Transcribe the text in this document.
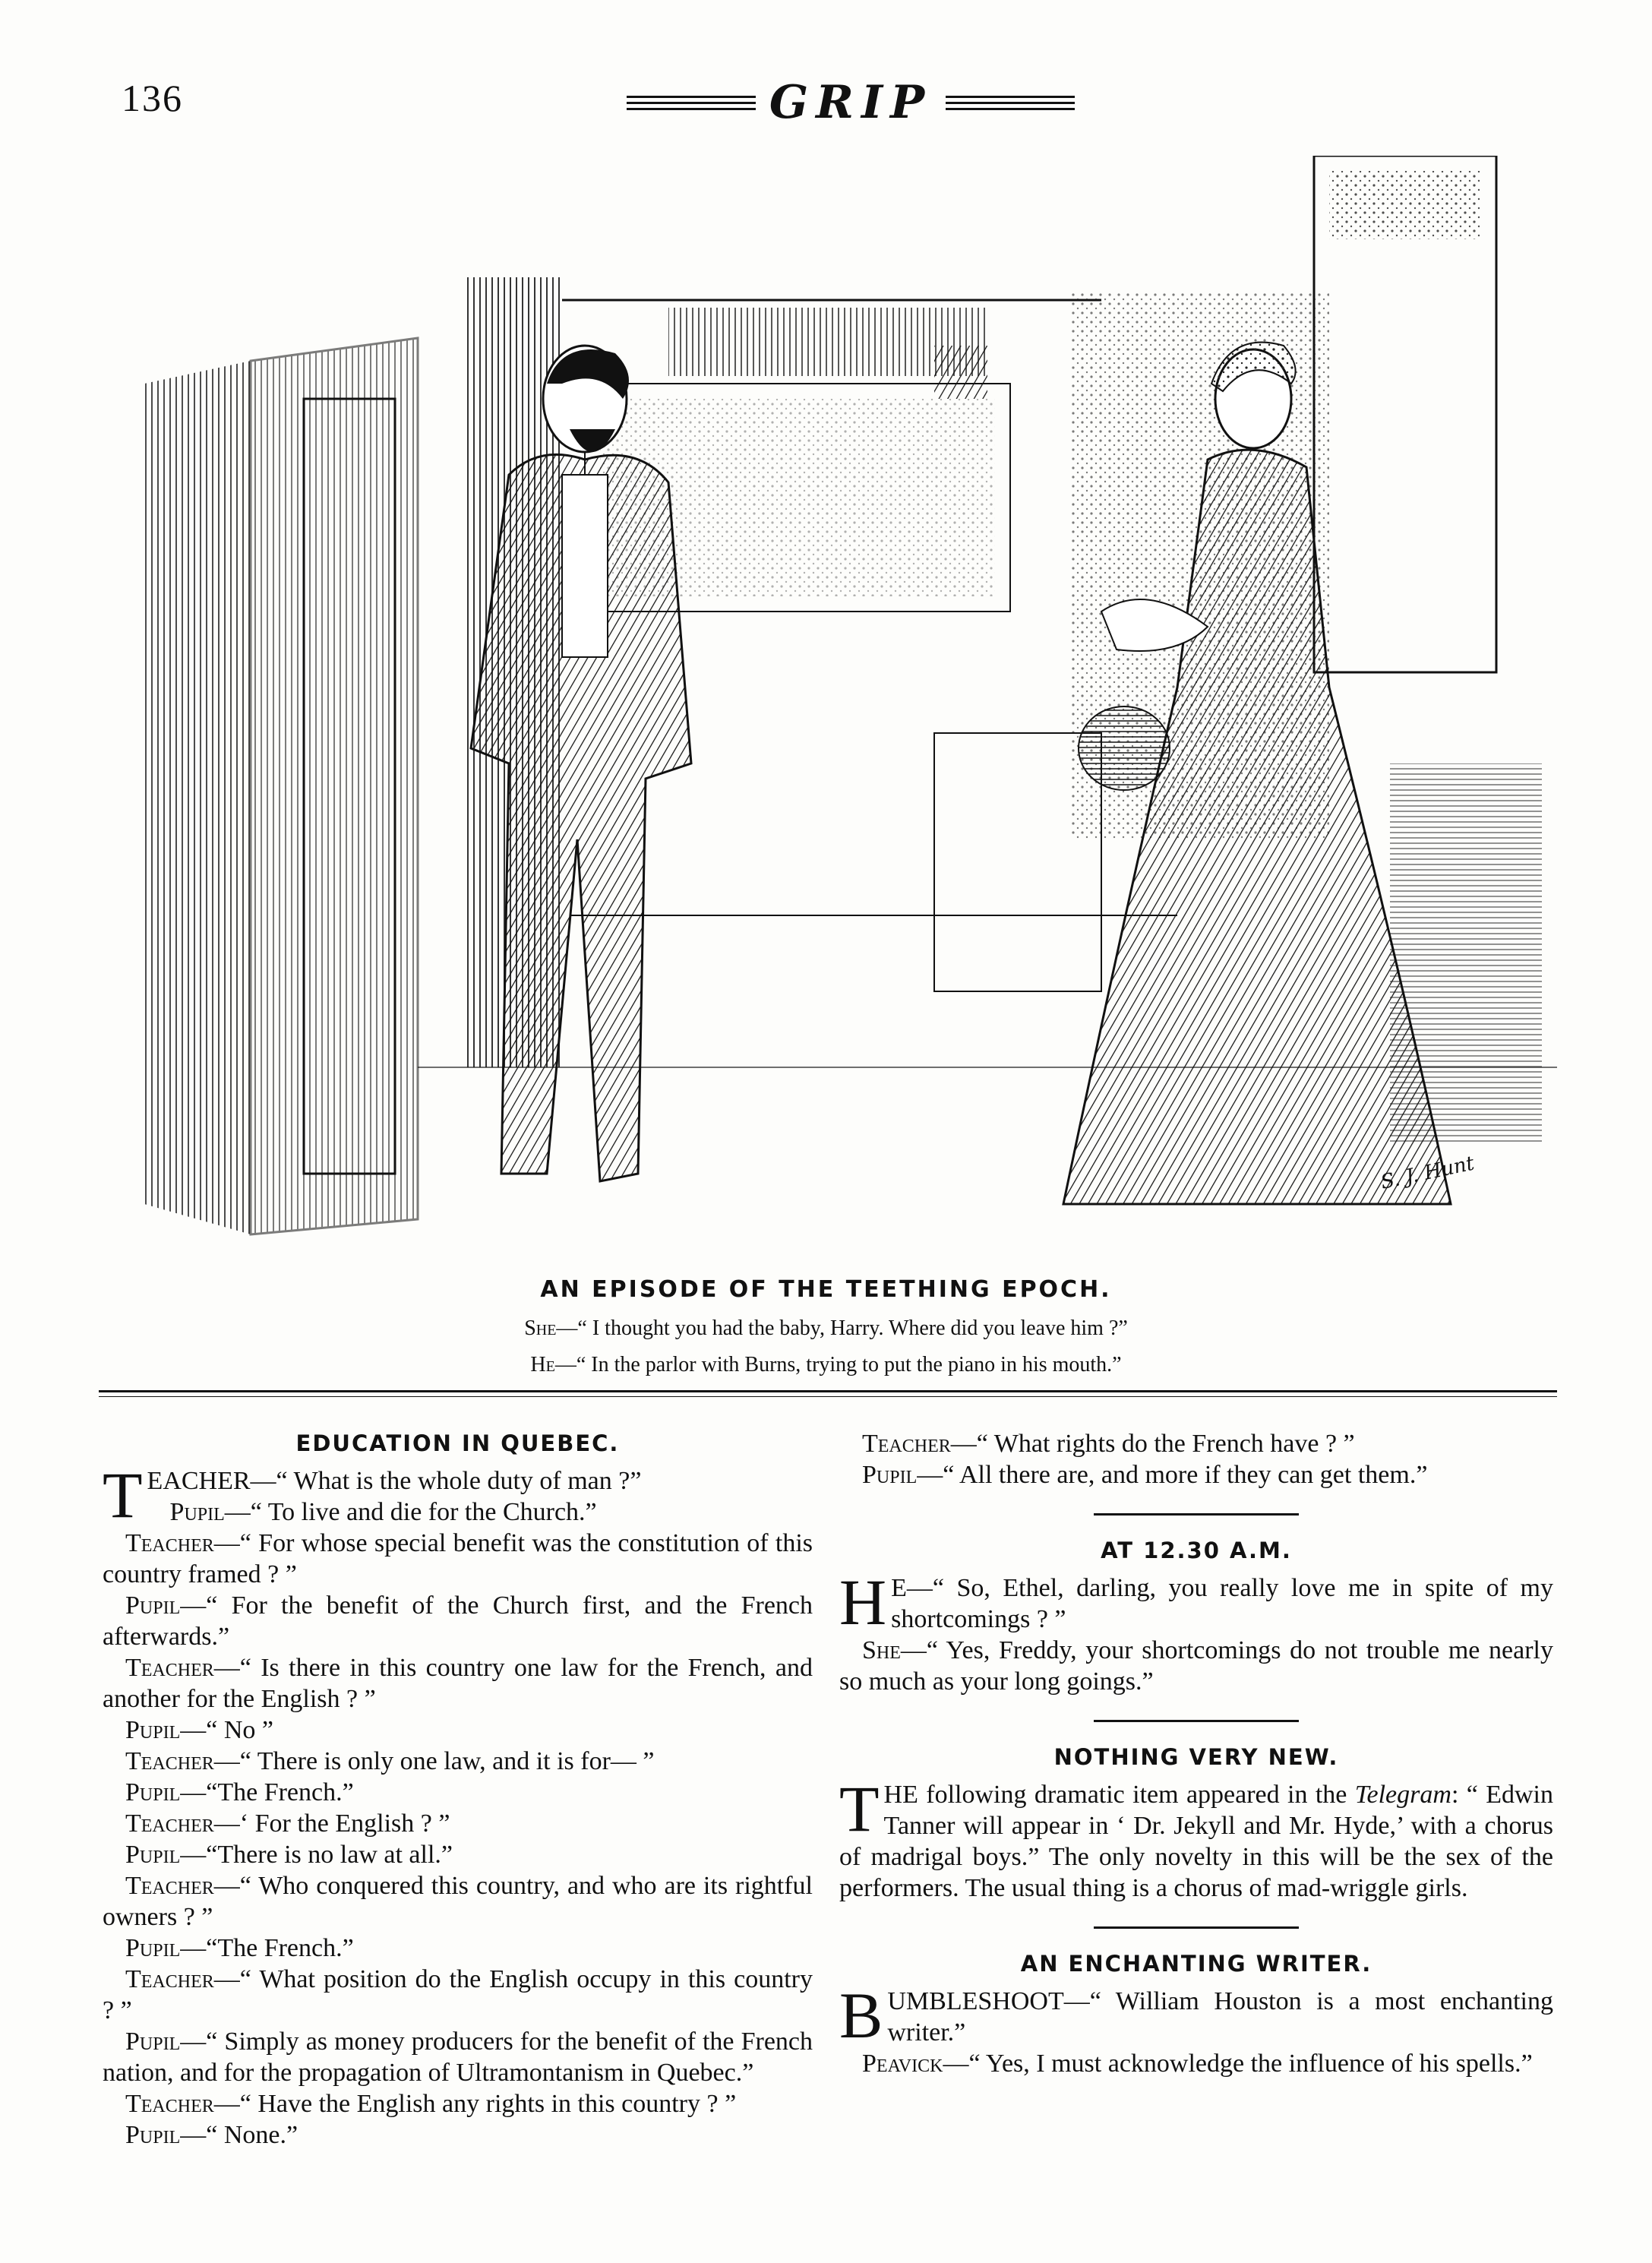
136	GRIP
S. J. Hunt
AN EPISODE OF THE TEETHING EPOCH.
She—“ I thought you had the baby, Harry. Where did you leave him ?”
He—“ In the parlor with Burns, trying to put the piano in his mouth.”
EDUCATION IN QUEBEC.

TEACHER—“ What is the whole duty of man ?”

Pupil—“ To live and die for the Church.”

Teacher—“ For whose special benefit was the constitution of this country framed ? ”

Pupil—“ For the benefit of the Church first, and the French afterwards.”

Teacher—“ Is there in this country one law for the French, and another for the English ? ”

Pupil—“ No ”

Teacher—“ There is only one law, and it is for— ”

Pupil—“The French.”

Teacher—‘ For the English ? ”

Pupil—“There is no law at all.”

Teacher—“ Who conquered this country, and who are its rightful owners ? ”

Pupil—“The French.”

Teacher—“ What position do the English occupy in this country ? ”

Pupil—“ Simply as money producers for the benefit of the French nation, and for the propagation of Ultramontanism in Quebec.”

Teacher—“ Have the English any rights in this country ? ”

Pupil—“ None.”

Teacher—“ What rights do the French have ? ”

Pupil—“ All there are, and more if they can get them.”

AT 12.30 A.M.

H E—“ So, Ethel, darling, you really love me in spite of my shortcomings ? ”

She—“ Yes, Freddy, your shortcomings do not trouble me nearly so much as your long goings.”

NOTHING VERY NEW.

THE following dramatic item appeared in the Telegram: “ Edwin Tanner will appear in ‘ Dr. Jekyll and Mr. Hyde,’ with a chorus of madrigal boys.” The only novelty in this will be the sex of the performers. The usual thing is a chorus of mad-wriggle girls.

AN ENCHANTING WRITER.

BUMBLESHOOT—“ William Houston is a most enchanting writer.”

Peavick—“ Yes, I must acknowledge the influence of his spells.”
